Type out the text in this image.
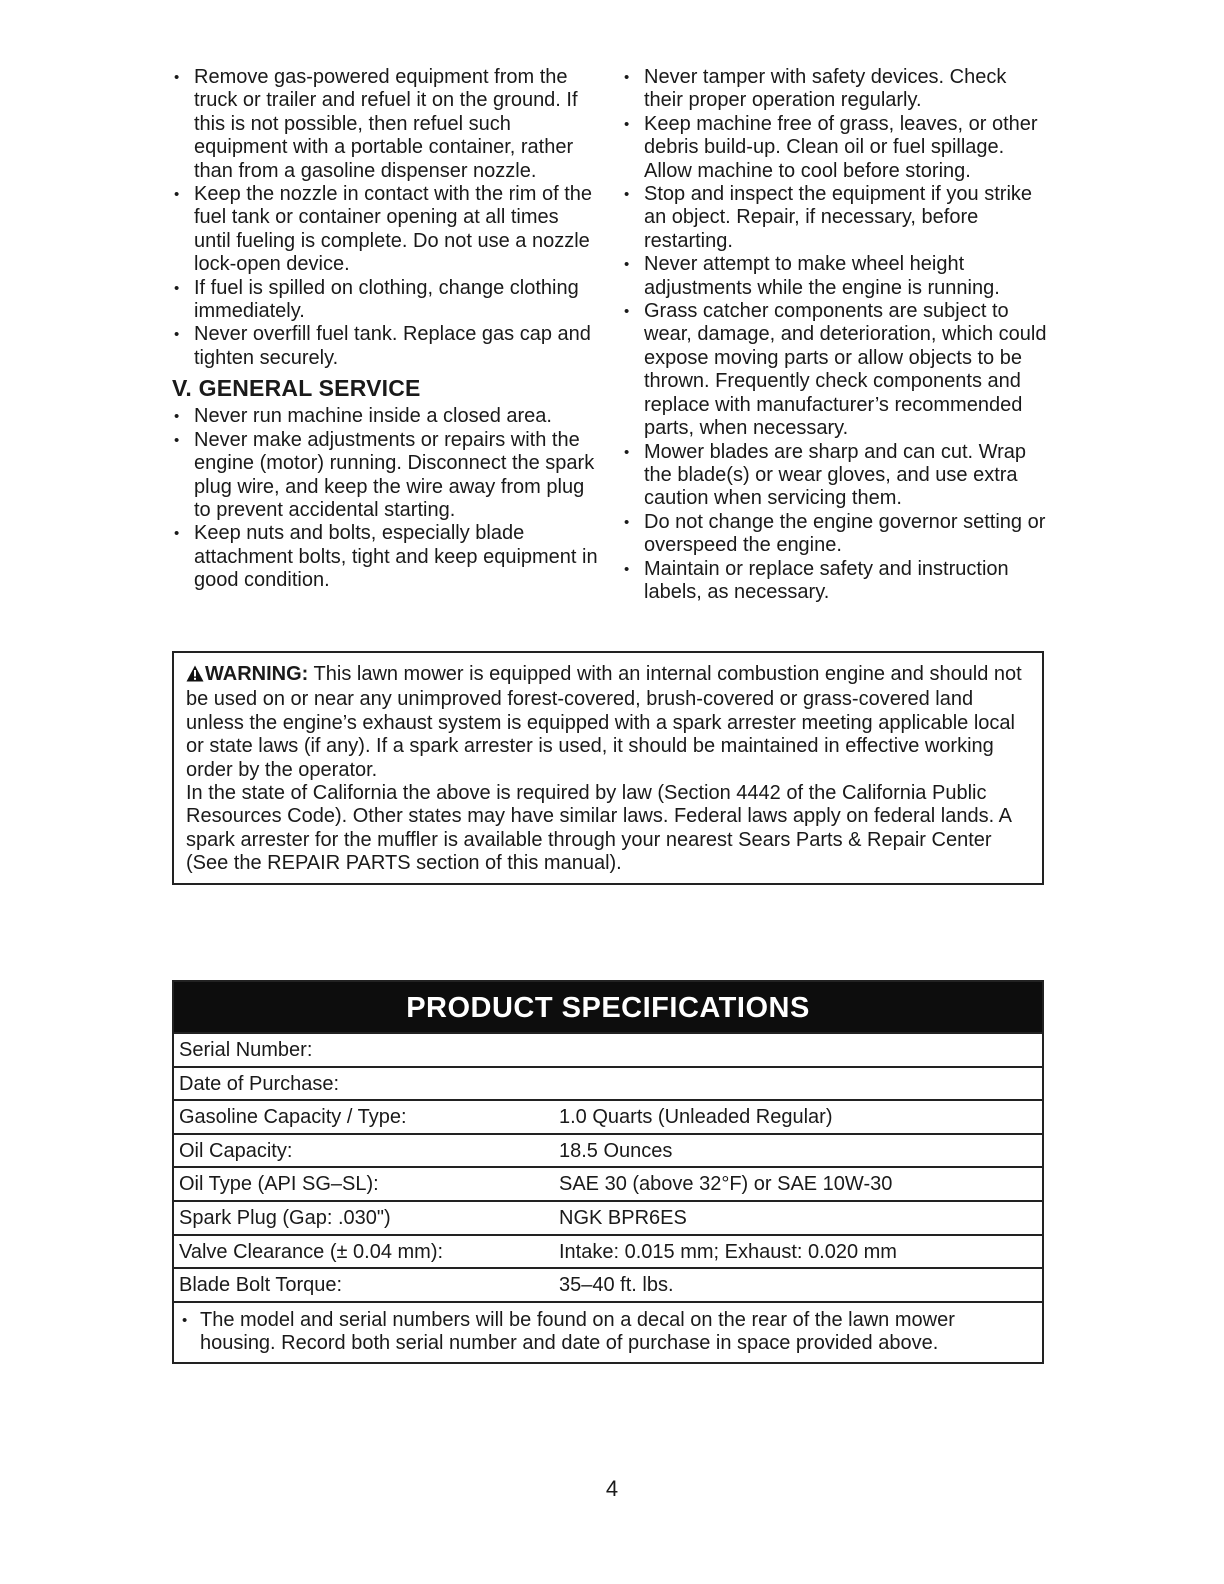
• Remove gas-powered equipment from the truck or trailer and refuel it on the ground. If this is not possible, then refuel such equipment with a portable container, rather than from a gasoline dispenser nozzle.
• Keep the nozzle in contact with the rim of the fuel tank or container opening at all times until fueling is complete. Do not use a nozzle lock-open device.
• If fuel is spilled on clothing, change clothing immediately.
• Never overfill fuel tank. Replace gas cap and tighten securely.
V. GENERAL SERVICE
• Never run machine inside a closed area.
• Never make adjustments or repairs with the engine (motor) running. Disconnect the spark plug wire, and keep the wire away from plug to prevent accidental starting.
• Keep nuts and bolts, especially blade attachment bolts, tight and keep equipment in good condition.
• Never tamper with safety devices. Check their proper operation regularly.
• Keep machine free of grass, leaves, or other debris build-up. Clean oil or fuel spillage. Allow machine to cool before storing.
• Stop and inspect the equipment if you strike an object. Repair, if necessary, before restarting.
• Never attempt to make wheel height adjustments while the engine is running.
• Grass catcher components are subject to wear, damage, and deterioration, which could expose moving parts or allow objects to be thrown. Frequently check components and replace with manufacturer’s recommended parts, when necessary.
• Mower blades are sharp and can cut. Wrap the blade(s) or wear gloves, and use extra caution when servicing them.
• Do not change the engine governor setting or overspeed the engine.
• Maintain or replace safety and instruction labels, as necessary.

WARNING: This lawn mower is equipped with an internal combustion engine and should not be used on or near any unimproved forest-covered, brush-covered or grass-covered land unless the engine’s exhaust system is equipped with a spark arrester meeting applicable local or state laws (if any). If a spark arrester is used, it should be maintained in effective working order by the operator.

In the state of California the above is required by law (Section 4442 of the California Public Resources Code). Other states may have similar laws. Federal laws apply on federal lands. A spark arrester for the muffler is available through your nearest Sears Parts & Repair Center (See the REPAIR PARTS section of this manual).

PRODUCT SPECIFICATIONS
Serial Number:
Date of Purchase:
Gasoline Capacity / Type:	1.0 Quarts (Unleaded Regular)
Oil Capacity:	18.5 Ounces
Oil Type (API SG–SL):	SAE 30 (above 32°F) or SAE 10W-30
Spark Plug (Gap: .030")	NGK BPR6ES
Valve Clearance (± 0.04 mm):	Intake: 0.015 mm; Exhaust: 0.020 mm
Blade Bolt Torque:	35–40 ft. lbs.
• The model and serial numbers will be found on a decal on the rear of the lawn mower housing. Record both serial number and date of purchase in space provided above.
4
